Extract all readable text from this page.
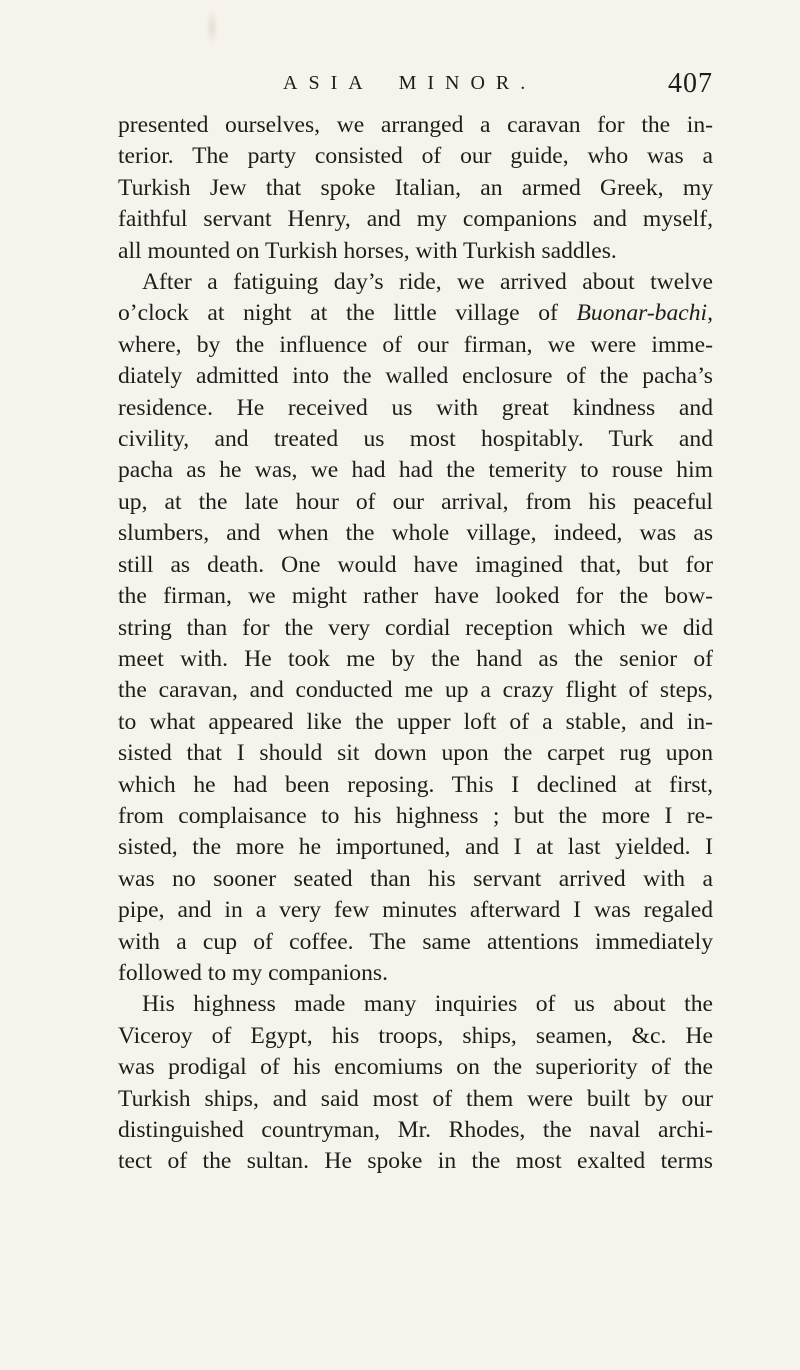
ASIA MINOR.	407

presented ourselves, we arranged a caravan for the in-
terior. The party consisted of our guide, who was a
Turkish Jew that spoke Italian, an armed Greek, my
faithful servant Henry, and my companions and myself,
all mounted on Turkish horses, with Turkish saddles.

After a fatiguing day’s ride, we arrived about twelve
o’clock at night at the little village of Buonar-bachi,
where, by the influence of our firman, we were imme-
diately admitted into the walled enclosure of the pacha’s
residence. He received us with great kindness and
civility, and treated us most hospitably. Turk and
pacha as he was, we had had the temerity to rouse him
up, at the late hour of our arrival, from his peaceful
slumbers, and when the whole village, indeed, was as
still as death. One would have imagined that, but for
the firman, we might rather have looked for the bow-
string than for the very cordial reception which we did
meet with. He took me by the hand as the senior of
the caravan, and conducted me up a crazy flight of steps,
to what appeared like the upper loft of a stable, and in-
sisted that I should sit down upon the carpet rug upon
which he had been reposing. This I declined at first,
from complaisance to his highness ; but the more I re-
sisted, the more he importuned, and I at last yielded. I
was no sooner seated than his servant arrived with a
pipe, and in a very few minutes afterward I was regaled
with a cup of coffee. The same attentions immediately
followed to my companions.

His highness made many inquiries of us about the
Viceroy of Egypt, his troops, ships, seamen, &c. He
was prodigal of his encomiums on the superiority of the
Turkish ships, and said most of them were built by our
distinguished countryman, Mr. Rhodes, the naval archi-
tect of the sultan. He spoke in the most exalted terms
